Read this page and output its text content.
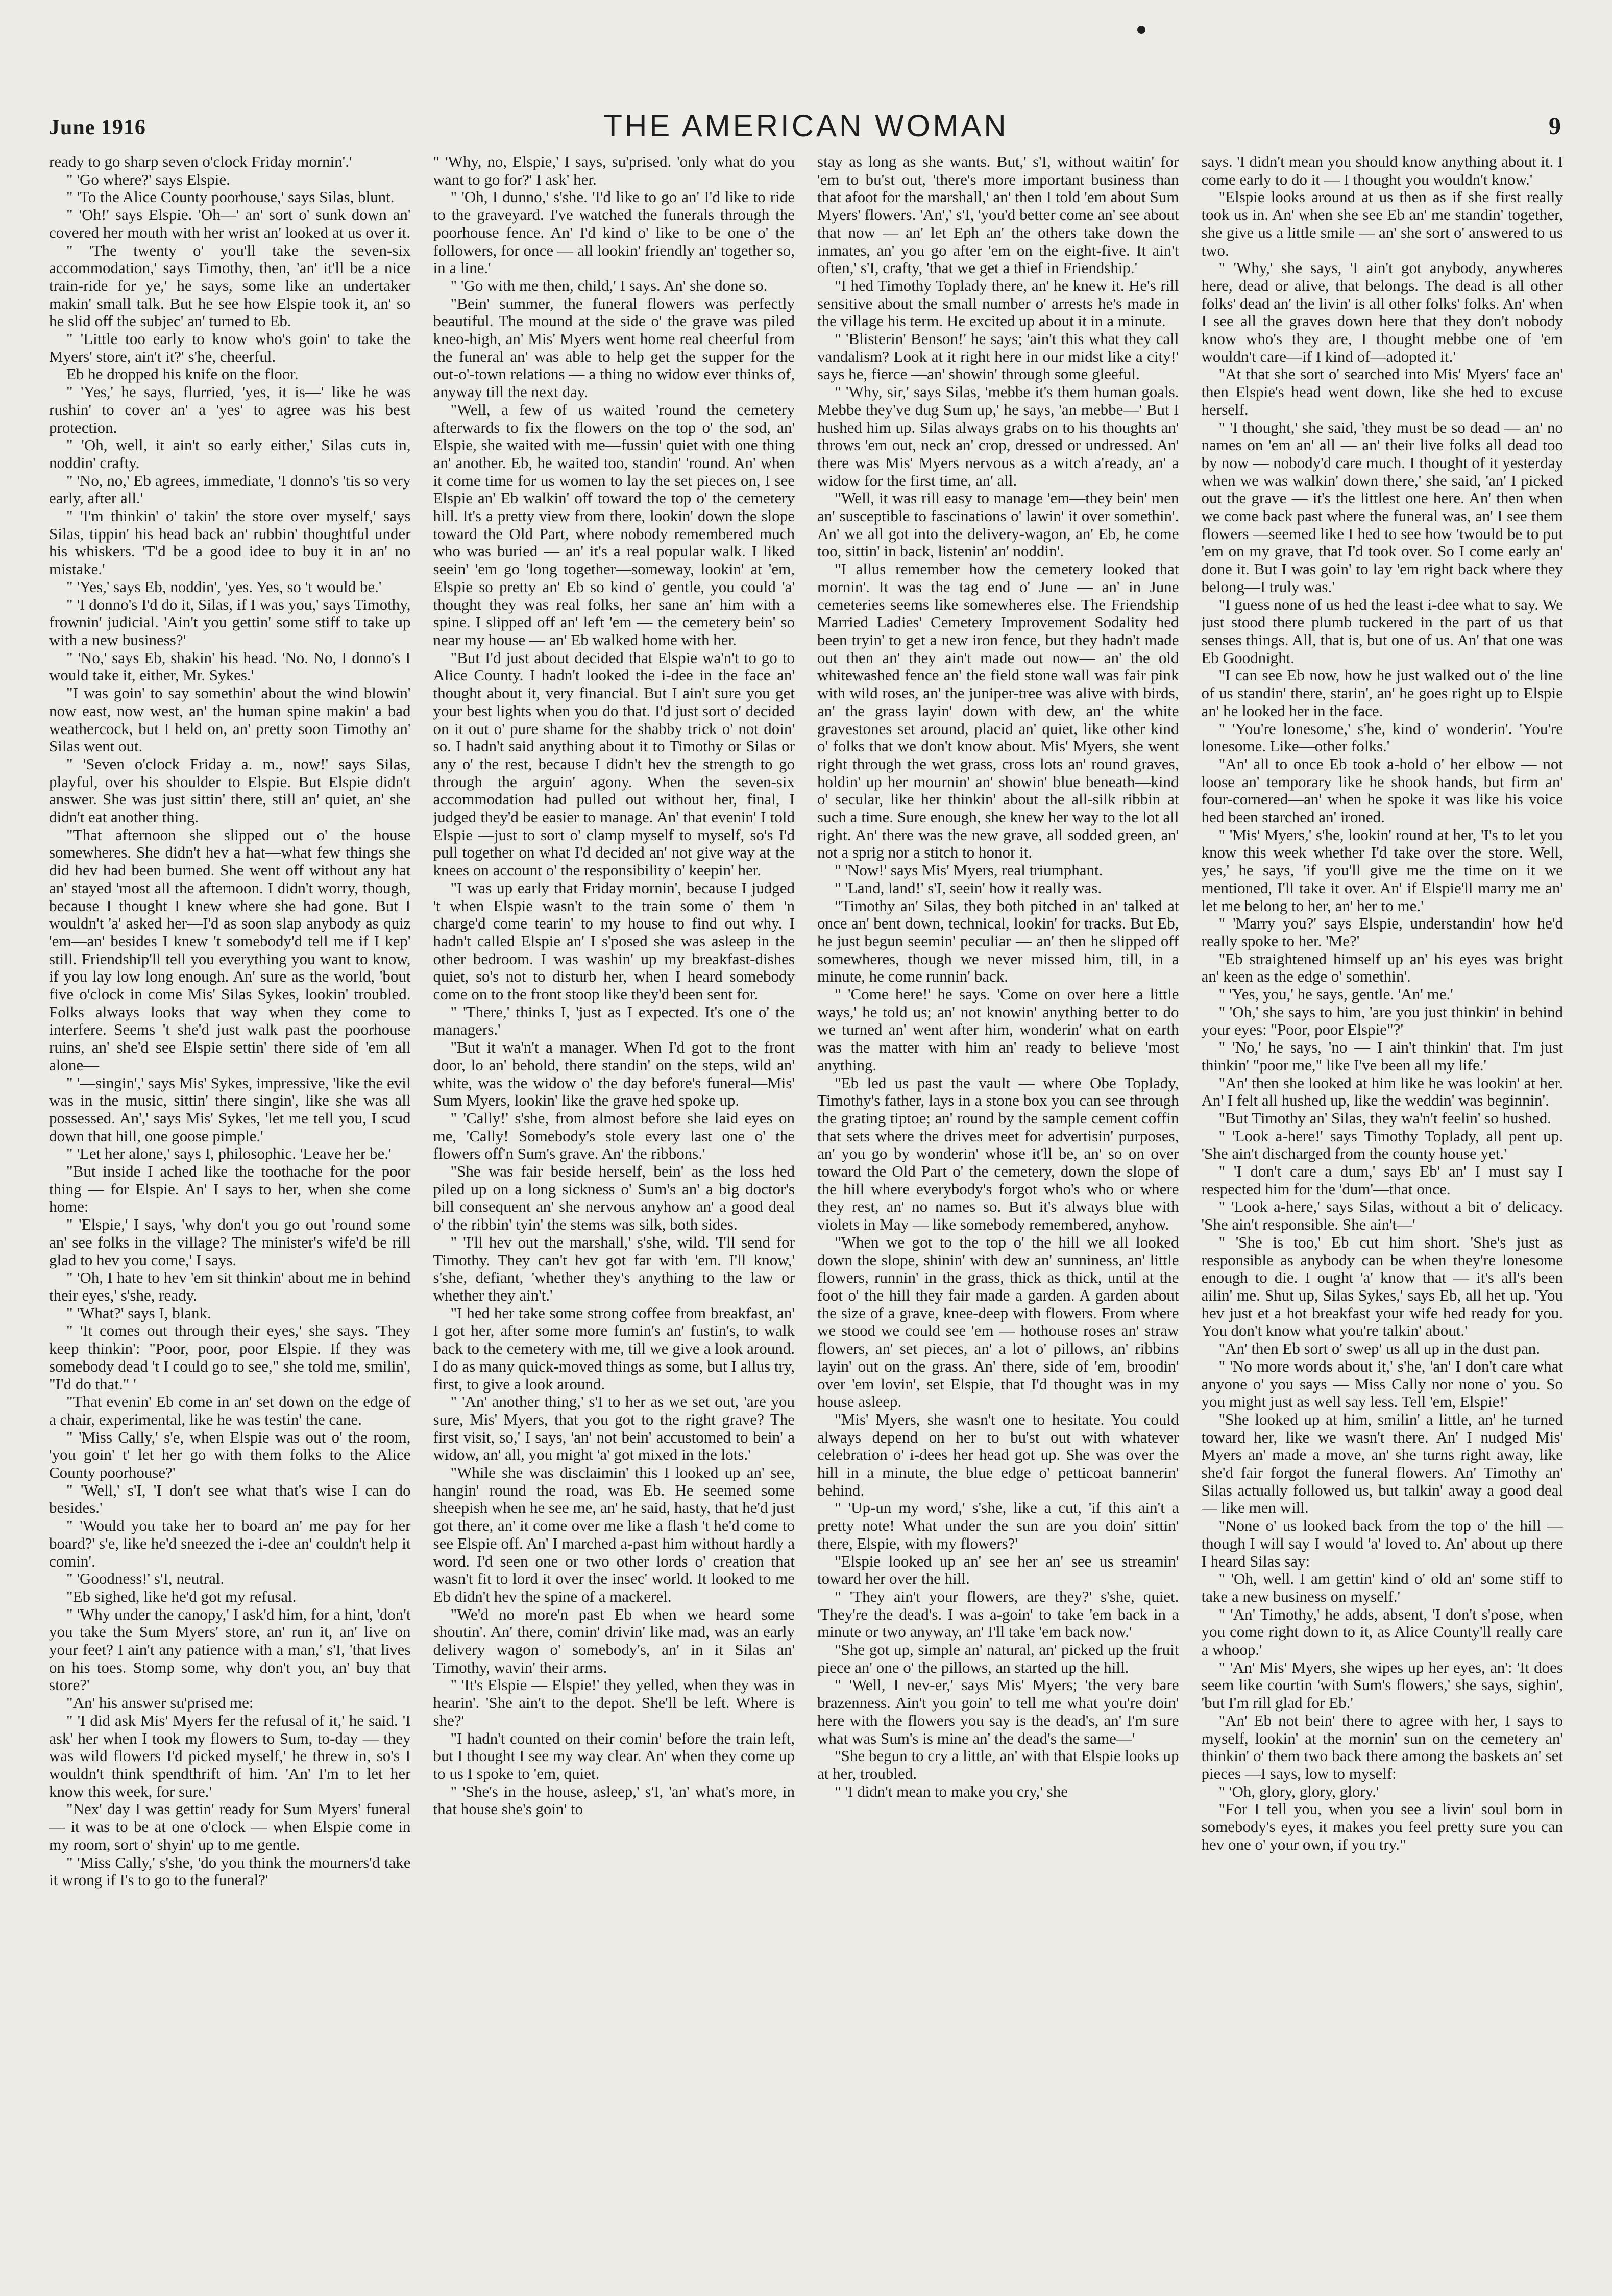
June 1916	THE AMERICAN WOMAN	9

ready to go sharp seven o'clock Friday mornin'.'

" 'Go where?' says Elspie.

" 'To the Alice County poorhouse,' says Silas, blunt.

" 'Oh!' says Elspie. 'Oh—' an' sort o' sunk down an' covered her mouth with her wrist an' looked at us over it.

" 'The twenty o' you'll take the seven-six accommodation,' says Timothy, then, 'an' it'll be a nice train-ride for ye,' he says, some like an undertaker makin' small talk. But he see how Elspie took it, an' so he slid off the subjec' an' turned to Eb.

" 'Little too early to know who's goin' to take the Myers' store, ain't it?' s'he, cheerful.

Eb he dropped his knife on the floor.

" 'Yes,' he says, flurried, 'yes, it is—' like he was rushin' to cover an' a 'yes' to agree was his best protection.

" 'Oh, well, it ain't so early either,' Silas cuts in, noddin' crafty.

" 'No, no,' Eb agrees, immediate, 'I donno's 'tis so very early, after all.'

" 'I'm thinkin' o' takin' the store over myself,' says Silas, tippin' his head back an' rubbin' thoughtful under his whiskers. 'T'd be a good idee to buy it in an' no mistake.'

" 'Yes,' says Eb, noddin', 'yes. Yes, so 't would be.'

" 'I donno's I'd do it, Silas, if I was you,' says Timothy, frownin' judicial. 'Ain't you gettin' some stiff to take up with a new business?'

" 'No,' says Eb, shakin' his head. 'No. No, I donno's I would take it, either, Mr. Sykes.'

"I was goin' to say somethin' about the wind blowin' now east, now west, an' the human spine makin' a bad weathercock, but I held on, an' pretty soon Timothy an' Silas went out.

" 'Seven o'clock Friday a. m., now!' says Silas, playful, over his shoulder to Elspie. But Elspie didn't answer. She was just sittin' there, still an' quiet, an' she didn't eat another thing.

"That afternoon she slipped out o' the house somewheres. She didn't hev a hat—what few things she did hev had been burned. She went off without any hat an' stayed 'most all the afternoon. I didn't worry, though, because I thought I knew where she had gone. But I wouldn't 'a' asked her—I'd as soon slap anybody as quiz 'em—an' besides I knew 't somebody'd tell me if I kep' still. Friendship'll tell you everything you want to know, if you lay low long enough. An' sure as the world, 'bout five o'clock in come Mis' Silas Sykes, lookin' troubled. Folks always looks that way when they come to interfere. Seems 't she'd just walk past the poorhouse ruins, an' she'd see Elspie settin' there side of 'em all alone—

" '—singin',' says Mis' Sykes, impressive, 'like the evil was in the music, sittin' there singin', like she was all possessed. An',' says Mis' Sykes, 'let me tell you, I scud down that hill, one goose pimple.'

" 'Let her alone,' says I, philosophic. 'Leave her be.'

"But inside I ached like the toothache for the poor thing — for Elspie. An' I says to her, when she come home:

" 'Elspie,' I says, 'why don't you go out 'round some an' see folks in the village? The minister's wife'd be rill glad to hev you come,' I says.

" 'Oh, I hate to hev 'em sit thinkin' about me in behind their eyes,' s'she, ready.

" 'What?' says I, blank.

" 'It comes out through their eyes,' she says. 'They keep thinkin': "Poor, poor, poor Elspie. If they was somebody dead 't I could go to see," she told me, smilin', "I'd do that." '

"That evenin' Eb come in an' set down on the edge of a chair, experimental, like he was testin' the cane.

" 'Miss Cally,' s'e, when Elspie was out o' the room, 'you goin' t' let her go with them folks to the Alice County poorhouse?'

" 'Well,' s'I, 'I don't see what that's wise I can do besides.'

" 'Would you take her to board an' me pay for her board?' s'e, like he'd sneezed the i-dee an' couldn't help it comin'.

" 'Goodness!' s'I, neutral.

"Eb sighed, like he'd got my refusal.

" 'Why under the canopy,' I ask'd him, for a hint, 'don't you take the Sum Myers' store, an' run it, an' live on your feet? I ain't any patience with a man,' s'I, 'that lives on his toes. Stomp some, why don't you, an' buy that store?'

"An' his answer su'prised me:

" 'I did ask Mis' Myers fer the refusal of it,' he said. 'I ask' her when I took my flowers to Sum, to-day — they was wild flowers I'd picked myself,' he threw in, so's I wouldn't think spendthrift of him. 'An' I'm to let her know this week, for sure.'

"Nex' day I was gettin' ready for Sum Myers' funeral — it was to be at one o'clock — when Elspie come in my room, sort o' shyin' up to me gentle.

" 'Miss Cally,' s'she, 'do you think the mourners'd take it wrong if I's to go to the funeral?'

" 'Why, no, Elspie,' I says, su'prised. 'only what do you want to go for?' I ask' her.

" 'Oh, I dunno,' s'she. 'I'd like to go an' I'd like to ride to the graveyard. I've watched the funerals through the poorhouse fence. An' I'd kind o' like to be one o' the followers, for once — all lookin' friendly an' together so, in a line.'

" 'Go with me then, child,' I says. An' she done so.

"Bein' summer, the funeral flowers was perfectly beautiful. The mound at the side o' the grave was piled kneo-high, an' Mis' Myers went home real cheerful from the funeral an' was able to help get the supper for the out-o'-town relations — a thing no widow ever thinks of, anyway till the next day.

"Well, a few of us waited 'round the cemetery afterwards to fix the flowers on the top o' the sod, an' Elspie, she waited with me—fussin' quiet with one thing an' another. Eb, he waited too, standin' 'round. An' when it come time for us women to lay the set pieces on, I see Elspie an' Eb walkin' off toward the top o' the cemetery hill. It's a pretty view from there, lookin' down the slope toward the Old Part, where nobody remembered much who was buried — an' it's a real popular walk. I liked seein' 'em go 'long together—someway, lookin' at 'em, Elspie so pretty an' Eb so kind o' gentle, you could 'a' thought they was real folks, her sane an' him with a spine. I slipped off an' left 'em — the cemetery bein' so near my house — an' Eb walked home with her.

"But I'd just about decided that Elspie wa'n't to go to Alice County. I hadn't looked the i-dee in the face an' thought about it, very financial. But I ain't sure you get your best lights when you do that. I'd just sort o' decided on it out o' pure shame for the shabby trick o' not doin' so. I hadn't said anything about it to Timothy or Silas or any o' the rest, because I didn't hev the strength to go through the arguin' agony. When the seven-six accommodation had pulled out without her, final, I judged they'd be easier to manage. An' that evenin' I told Elspie —just to sort o' clamp myself to myself, so's I'd pull together on what I'd decided an' not give way at the knees on account o' the responsibility o' keepin' her.

"I was up early that Friday mornin', because I judged 't when Elspie wasn't to the train some o' them 'n charge'd come tearin' to my house to find out why. I hadn't called Elspie an' I s'posed she was asleep in the other bedroom. I was washin' up my breakfast-dishes quiet, so's not to disturb her, when I heard somebody come on to the front stoop like they'd been sent for.

" 'There,' thinks I, 'just as I expected. It's one o' the managers.'

"But it wa'n't a manager. When I'd got to the front door, lo an' behold, there standin' on the steps, wild an' white, was the widow o' the day before's funeral—Mis' Sum Myers, lookin' like the grave hed spoke up.

" 'Cally!' s'she, from almost before she laid eyes on me, 'Cally! Somebody's stole every last one o' the flowers off'n Sum's grave. An' the ribbons.'

"She was fair beside herself, bein' as the loss hed piled up on a long sickness o' Sum's an' a big doctor's bill consequent an' she nervous anyhow an' a good deal o' the ribbin' tyin' the stems was silk, both sides.

" 'I'll hev out the marshall,' s'she, wild. 'I'll send for Timothy. They can't hev got far with 'em. I'll know,' s'she, defiant, 'whether they's anything to the law or whether they ain't.'

"I hed her take some strong coffee from breakfast, an' I got her, after some more fumin's an' fustin's, to walk back to the cemetery with me, till we give a look around. I do as many quick-moved things as some, but I allus try, first, to give a look around.

" 'An' another thing,' s'I to her as we set out, 'are you sure, Mis' Myers, that you got to the right grave? The first visit, so,' I says, 'an' not bein' accustomed to bein' a widow, an' all, you might 'a' got mixed in the lots.'

"While she was disclaimin' this I looked up an' see, hangin' round the road, was Eb. He seemed some sheepish when he see me, an' he said, hasty, that he'd just got there, an' it come over me like a flash 't he'd come to see Elspie off. An' I marched a-past him without hardly a word. I'd seen one or two other lords o' creation that wasn't fit to lord it over the insec' world. It looked to me Eb didn't hev the spine of a mackerel.

"We'd no more'n past Eb when we heard some shoutin'. An' there, comin' drivin' like mad, was an early delivery wagon o' somebody's, an' in it Silas an' Timothy, wavin' their arms.

" 'It's Elspie — Elspie!' they yelled, when they was in hearin'. 'She ain't to the depot. She'll be left. Where is she?'

"I hadn't counted on their comin' before the train left, but I thought I see my way clear. An' when they come up to us I spoke to 'em, quiet.

" 'She's in the house, asleep,' s'I, 'an' what's more, in that house she's goin' to

stay as long as she wants. But,' s'I, without waitin' for 'em to bu'st out, 'there's more important business than that afoot for the marshall,' an' then I told 'em about Sum Myers' flowers. 'An',' s'I, 'you'd better come an' see about that now — an' let Eph an' the others take down the inmates, an' you go after 'em on the eight-five. It ain't often,' s'I, crafty, 'that we get a thief in Friendship.'

"I hed Timothy Toplady there, an' he knew it. He's rill sensitive about the small number o' arrests he's made in the village his term. He excited up about it in a minute.

" 'Blisterin' Benson!' he says; 'ain't this what they call vandalism? Look at it right here in our midst like a city!' says he, fierce —an' showin' through some gleeful.

" 'Why, sir,' says Silas, 'mebbe it's them human goals. Mebbe they've dug Sum up,' he says, 'an mebbe—' But I hushed him up. Silas always grabs on to his thoughts an' throws 'em out, neck an' crop, dressed or undressed. An' there was Mis' Myers nervous as a witch a'ready, an' a widow for the first time, an' all.

"Well, it was rill easy to manage 'em—they bein' men an' susceptible to fascinations o' lawin' it over somethin'. An' we all got into the delivery-wagon, an' Eb, he come too, sittin' in back, listenin' an' noddin'.

"I allus remember how the cemetery looked that mornin'. It was the tag end o' June — an' in June cemeteries seems like somewheres else. The Friendship Married Ladies' Cemetery Improvement Sodality hed been tryin' to get a new iron fence, but they hadn't made out then an' they ain't made out now— an' the old whitewashed fence an' the field stone wall was fair pink with wild roses, an' the juniper-tree was alive with birds, an' the grass layin' down with dew, an' the white gravestones set around, placid an' quiet, like other kind o' folks that we don't know about. Mis' Myers, she went right through the wet grass, cross lots an' round graves, holdin' up her mournin' an' showin' blue beneath—kind o' secular, like her thinkin' about the all-silk ribbin at such a time. Sure enough, she knew her way to the lot all right. An' there was the new grave, all sodded green, an' not a sprig nor a stitch to honor it.

" 'Now!' says Mis' Myers, real triumphant.

" 'Land, land!' s'I, seein' how it really was.

"Timothy an' Silas, they both pitched in an' talked at once an' bent down, technical, lookin' for tracks. But Eb, he just begun seemin' peculiar — an' then he slipped off somewheres, though we never missed him, till, in a minute, he come runnin' back.

" 'Come here!' he says. 'Come on over here a little ways,' he told us; an' not knowin' anything better to do we turned an' went after him, wonderin' what on earth was the matter with him an' ready to believe 'most anything.

"Eb led us past the vault — where Obe Toplady, Timothy's father, lays in a stone box you can see through the grating tiptoe; an' round by the sample cement coffin that sets where the drives meet for advertisin' purposes, an' you go by wonderin' whose it'll be, an' so on over toward the Old Part o' the cemetery, down the slope of the hill where everybody's forgot who's who or where they rest, an' no names so. But it's always blue with violets in May — like somebody remembered, anyhow.

"When we got to the top o' the hill we all looked down the slope, shinin' with dew an' sunniness, an' little flowers, runnin' in the grass, thick as thick, until at the foot o' the hill they fair made a garden. A garden about the size of a grave, knee-deep with flowers. From where we stood we could see 'em — hothouse roses an' straw flowers, an' set pieces, an' a lot o' pillows, an' ribbins layin' out on the grass. An' there, side of 'em, broodin' over 'em lovin', set Elspie, that I'd thought was in my house asleep.

"Mis' Myers, she wasn't one to hesitate. You could always depend on her to bu'st out with whatever celebration o' i-dees her head got up. She was over the hill in a minute, the blue edge o' petticoat bannerin' behind.

" 'Up-un my word,' s'she, like a cut, 'if this ain't a pretty note! What under the sun are you doin' sittin' there, Elspie, with my flowers?'

"Elspie looked up an' see her an' see us streamin' toward her over the hill.

" 'They ain't your flowers, are they?' s'she, quiet. 'They're the dead's. I was a-goin' to take 'em back in a minute or two anyway, an' I'll take 'em back now.'

"She got up, simple an' natural, an' picked up the fruit piece an' one o' the pillows, an started up the hill.

" 'Well, I nev-er,' says Mis' Myers; 'the very bare brazenness. Ain't you goin' to tell me what you're doin' here with the flowers you say is the dead's, an' I'm sure what was Sum's is mine an' the dead's the same—'

"She begun to cry a little, an' with that Elspie looks up at her, troubled.

" 'I didn't mean to make you cry,' she

says. 'I didn't mean you should know anything about it. I come early to do it — I thought you wouldn't know.'

"Elspie looks around at us then as if she first really took us in. An' when she see Eb an' me standin' together, she give us a little smile — an' she sort o' answered to us two.

" 'Why,' she says, 'I ain't got anybody, anywheres here, dead or alive, that belongs. The dead is all other folks' dead an' the livin' is all other folks' folks. An' when I see all the graves down here that they don't nobody know who's they are, I thought mebbe one of 'em wouldn't care—if I kind of—adopted it.'

"At that she sort o' searched into Mis' Myers' face an' then Elspie's head went down, like she hed to excuse herself.

" 'I thought,' she said, 'they must be so dead — an' no names on 'em an' all — an' their live folks all dead too by now — nobody'd care much. I thought of it yesterday when we was walkin' down there,' she said, 'an' I picked out the grave — it's the littlest one here. An' then when we come back past where the funeral was, an' I see them flowers —seemed like I hed to see how 'twould be to put 'em on my grave, that I'd took over. So I come early an' done it. But I was goin' to lay 'em right back where they belong—I truly was.'

"I guess none of us hed the least i-dee what to say. We just stood there plumb tuckered in the part of us that senses things. All, that is, but one of us. An' that one was Eb Goodnight.

"I can see Eb now, how he just walked out o' the line of us standin' there, starin', an' he goes right up to Elspie an' he looked her in the face.

" 'You're lonesome,' s'he, kind o' wonderin'. 'You're lonesome. Like—other folks.'

"An' all to once Eb took a-hold o' her elbow — not loose an' temporary like he shook hands, but firm an' four-cornered—an' when he spoke it was like his voice hed been starched an' ironed.

" 'Mis' Myers,' s'he, lookin' round at her, 'I's to let you know this week whether I'd take over the store. Well, yes,' he says, 'if you'll give me the time on it we mentioned, I'll take it over. An' if Elspie'll marry me an' let me belong to her, an' her to me.'

" 'Marry you?' says Elspie, understandin' how he'd really spoke to her. 'Me?'

"Eb straightened himself up an' his eyes was bright an' keen as the edge o' somethin'.

" 'Yes, you,' he says, gentle. 'An' me.'

" 'Oh,' she says to him, 'are you just thinkin' in behind your eyes: "Poor, poor Elspie"?'

" 'No,' he says, 'no — I ain't thinkin' that. I'm just thinkin' "poor me," like I've been all my life.'

"An' then she looked at him like he was lookin' at her. An' I felt all hushed up, like the weddin' was beginnin'.

"But Timothy an' Silas, they wa'n't feelin' so hushed.

" 'Look a-here!' says Timothy Toplady, all pent up. 'She ain't discharged from the county house yet.'

" 'I don't care a dum,' says Eb' an' I must say I respected him for the 'dum'—that once.

" 'Look a-here,' says Silas, without a bit o' delicacy. 'She ain't responsible. She ain't—'

" 'She is too,' Eb cut him short. 'She's just as responsible as anybody can be when they're lonesome enough to die. I ought 'a' know that — it's all's been ailin' me. Shut up, Silas Sykes,' says Eb, all het up. 'You hev just et a hot breakfast your wife hed ready for you. You don't know what you're talkin' about.'

"An' then Eb sort o' swep' us all up in the dust pan.

" 'No more words about it,' s'he, 'an' I don't care what anyone o' you says — Miss Cally nor none o' you. So you might just as well say less. Tell 'em, Elspie!'

"She looked up at him, smilin' a little, an' he turned toward her, like we wasn't there. An' I nudged Mis' Myers an' made a move, an' she turns right away, like she'd fair forgot the funeral flowers. An' Timothy an' Silas actually followed us, but talkin' away a good deal — like men will.

"None o' us looked back from the top o' the hill — though I will say I would 'a' loved to. An' about up there I heard Silas say:

" 'Oh, well. I am gettin' kind o' old an' some stiff to take a new business on myself.'

" 'An' Timothy,' he adds, absent, 'I don't s'pose, when you come right down to it, as Alice County'll really care a whoop.'

" 'An' Mis' Myers, she wipes up her eyes, an': 'It does seem like courtin 'with Sum's flowers,' she says, sighin', 'but I'm rill glad for Eb.'

"An' Eb not bein' there to agree with her, I says to myself, lookin' at the mornin' sun on the cemetery an' thinkin' o' them two back there among the baskets an' set pieces —I says, low to myself:

" 'Oh, glory, glory, glory.'

"For I tell you, when you see a livin' soul born in somebody's eyes, it makes you feel pretty sure you can hev one o' your own, if you try."
